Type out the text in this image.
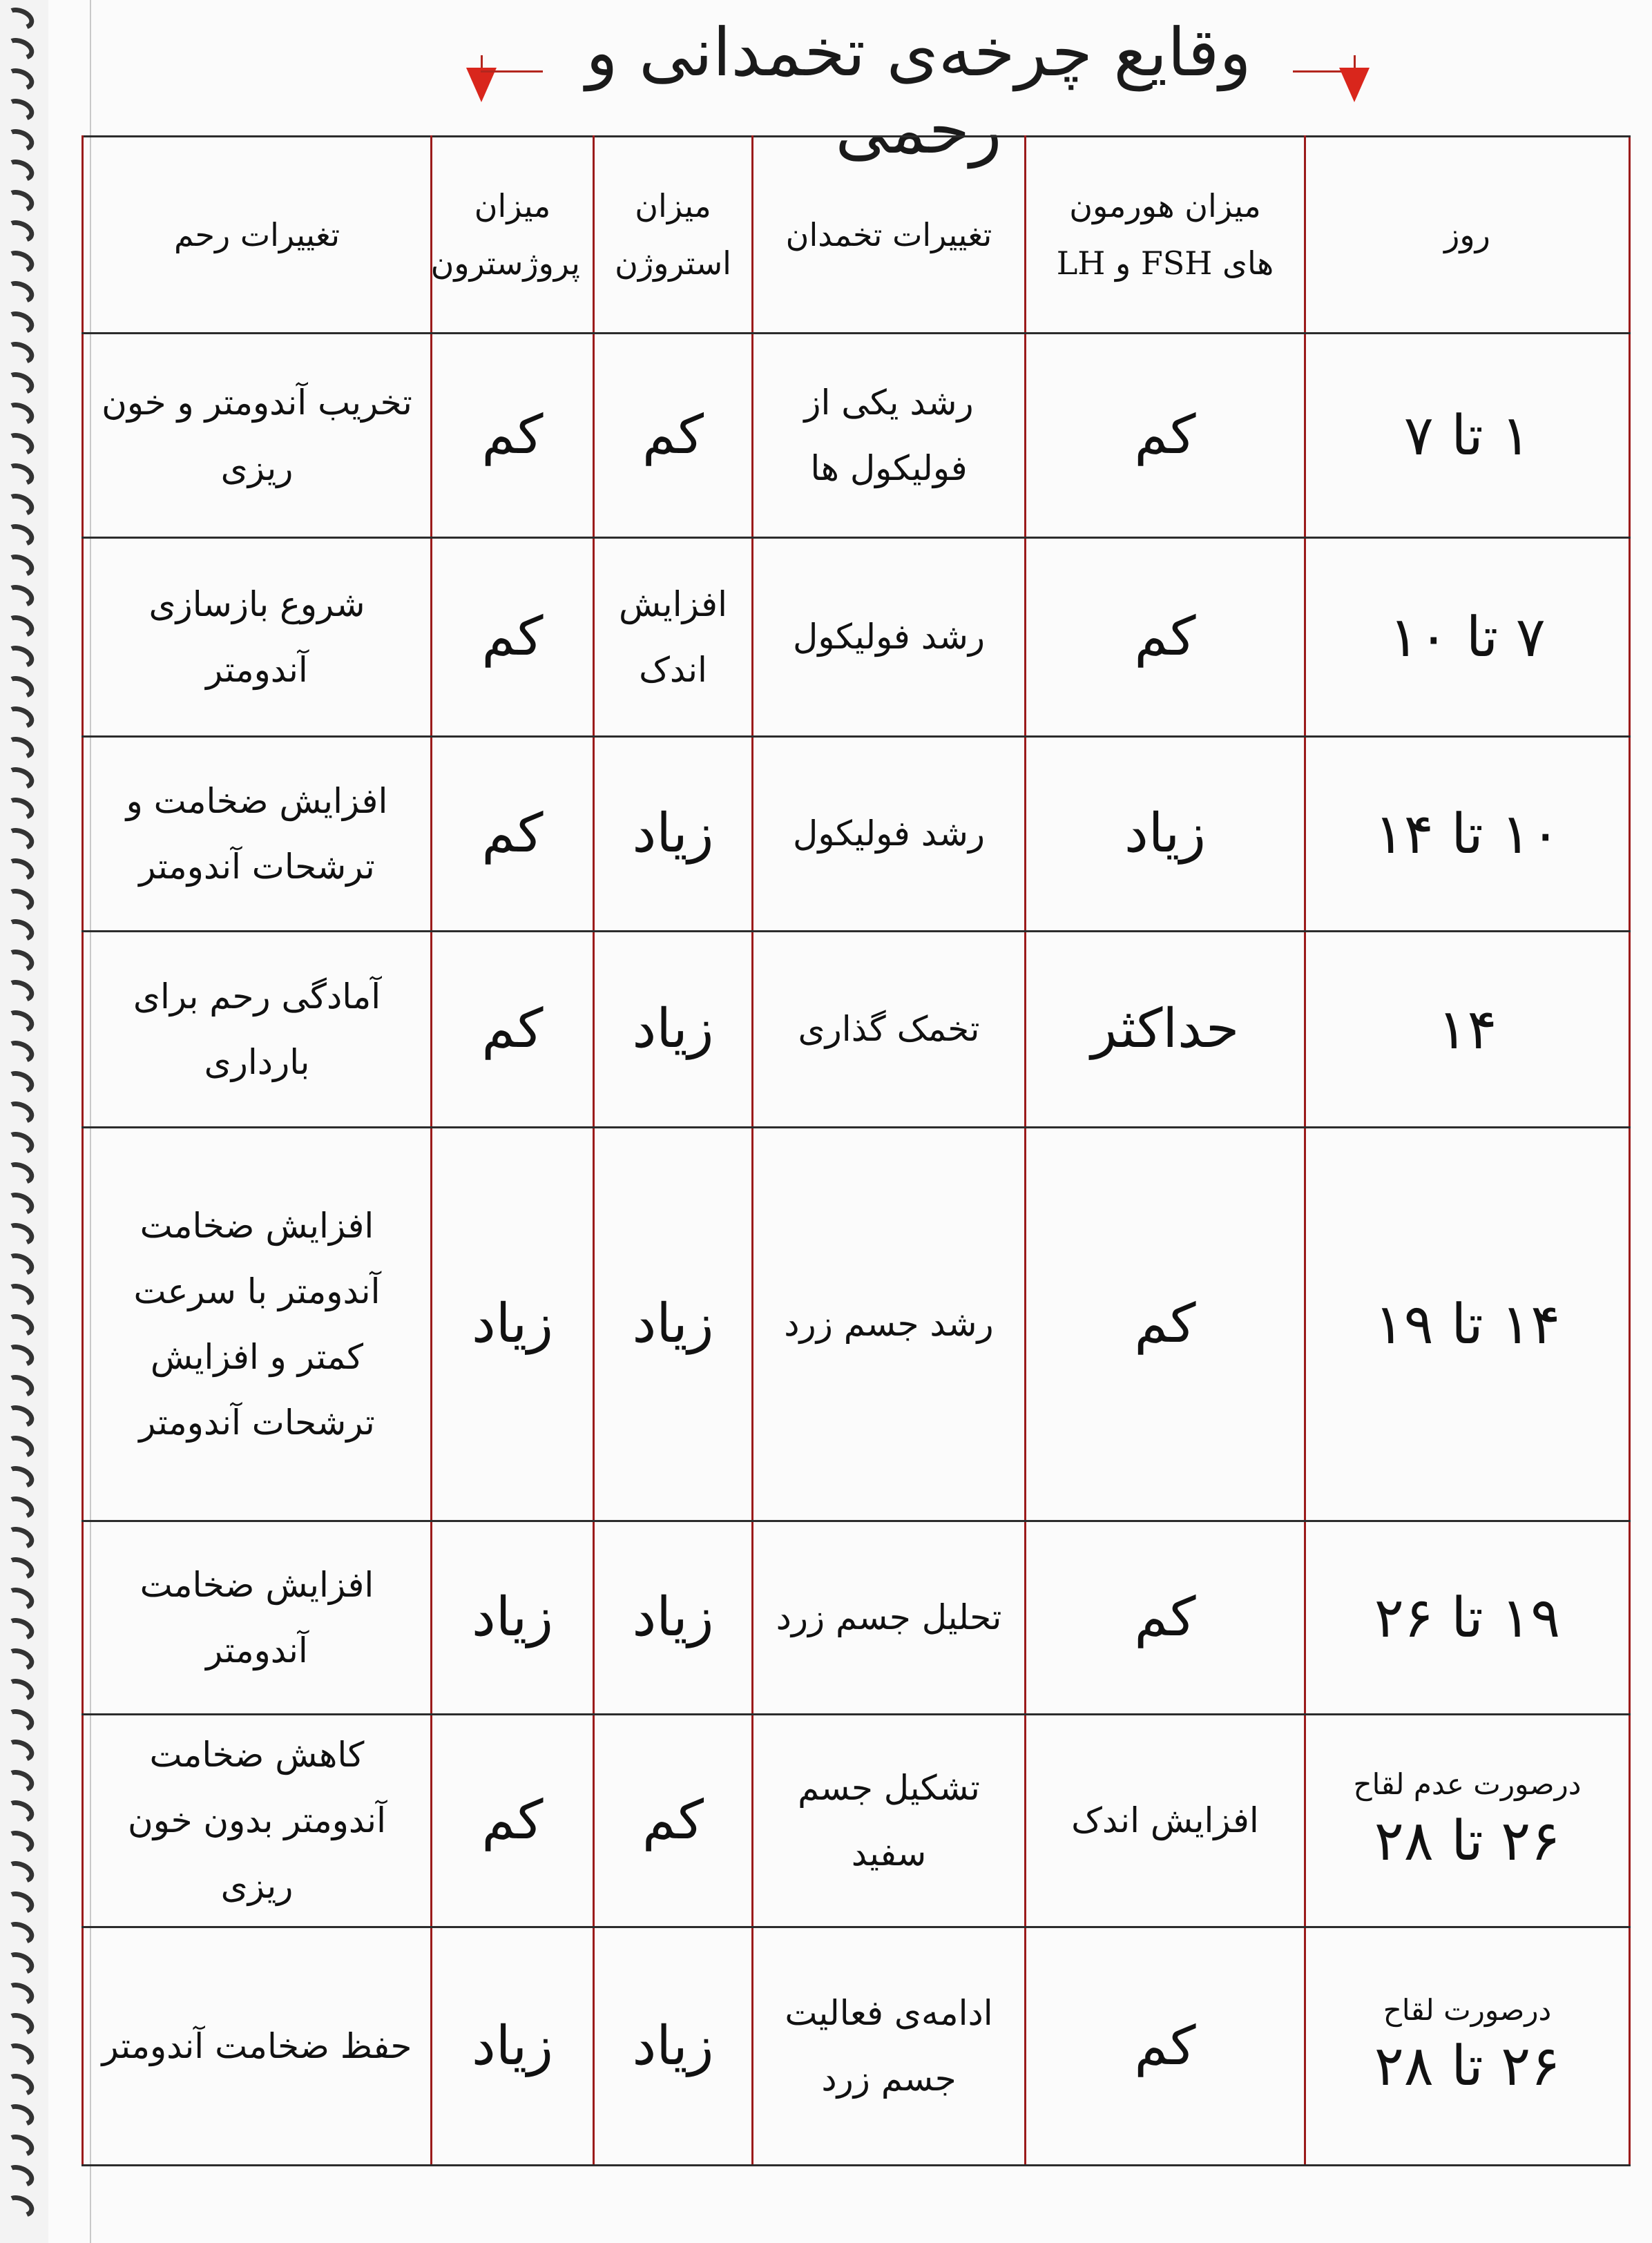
وقایع چرخه‌ی تخمدانی و رحمی
روز	میزان هورمون های FSH و LH	تغییرات تخمدان	میزان استروژن	میزان پروژسترون	تغییرات رحم
۱ تا ۷	کم	رشد یکی از فولیکول ها	کم	کم	تخریب آندومتر و خون ریزی
۷ تا ۱۰	کم	رشد فولیکول	افزایش اندک	کم	شروع بازسازی آندومتر
۱۰ تا ۱۴	زیاد	رشد فولیکول	زیاد	کم	افزایش ضخامت و ترشحات آندومتر
۱۴	حداکثر	تخمک گذاری	زیاد	کم	آمادگی رحم برای بارداری
۱۴ تا ۱۹	کم	رشد جسم زرد	زیاد	زیاد	افزایش ضخامت آندومتر با سرعت کمتر و افزایش ترشحات آندومتر
۱۹ تا ۲۶	کم	تحلیل جسم زرد	زیاد	زیاد	افزایش ضخامت آندومتر

درصورت عدم لقاح
۲۶ تا ۲۸	افزایش اندک	تشکیل جسم سفید	کم	کم	کاهش ضخامت آندومتر بدون خون ریزی

درصورت لقاح
۲۶ تا ۲۸	کم	ادامه‌ی فعالیت جسم زرد	زیاد	زیاد	حفظ ضخامت آندومتر
